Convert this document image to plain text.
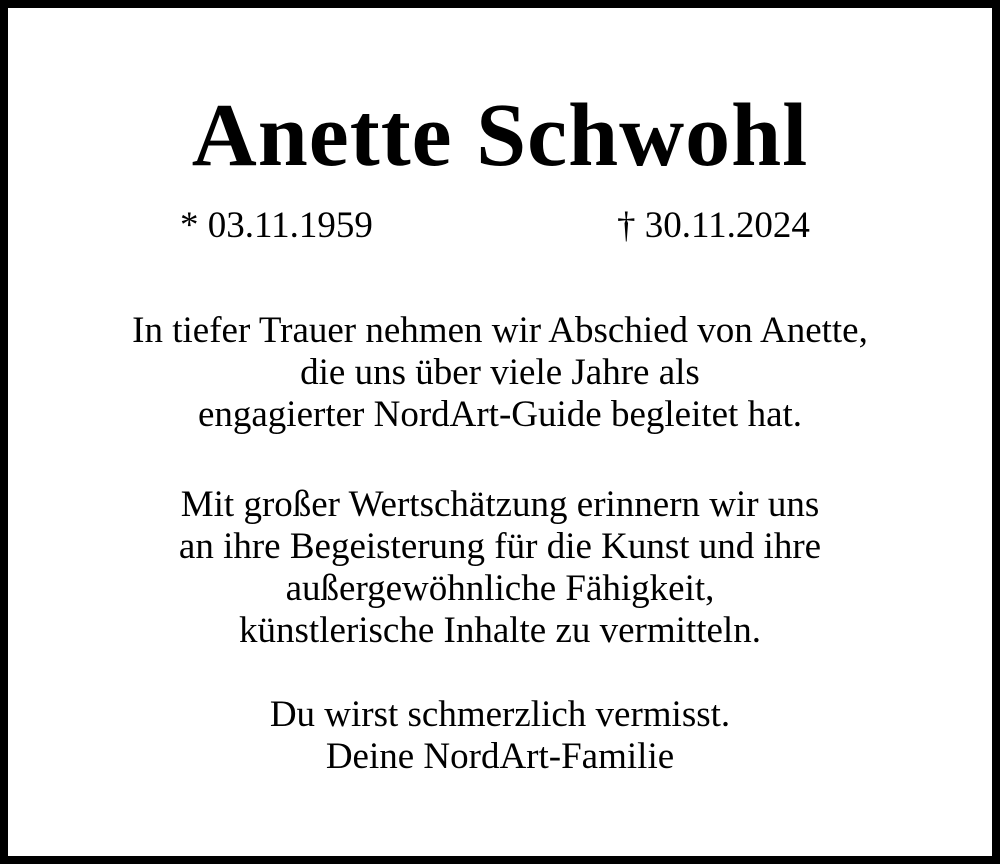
Anette Schwohl
* 03.11.1959	† 30.11.2024
In tiefer Trauer nehmen wir Abschied von Anette,
die uns über viele Jahre als
engagierter NordArt-Guide begleitet hat.
Mit großer Wertschätzung erinnern wir uns
an ihre Begeisterung für die Kunst und ihre
außergewöhnliche Fähigkeit,
künstlerische Inhalte zu vermitteln.
Du wirst schmerzlich vermisst.
Deine NordArt-Familie
